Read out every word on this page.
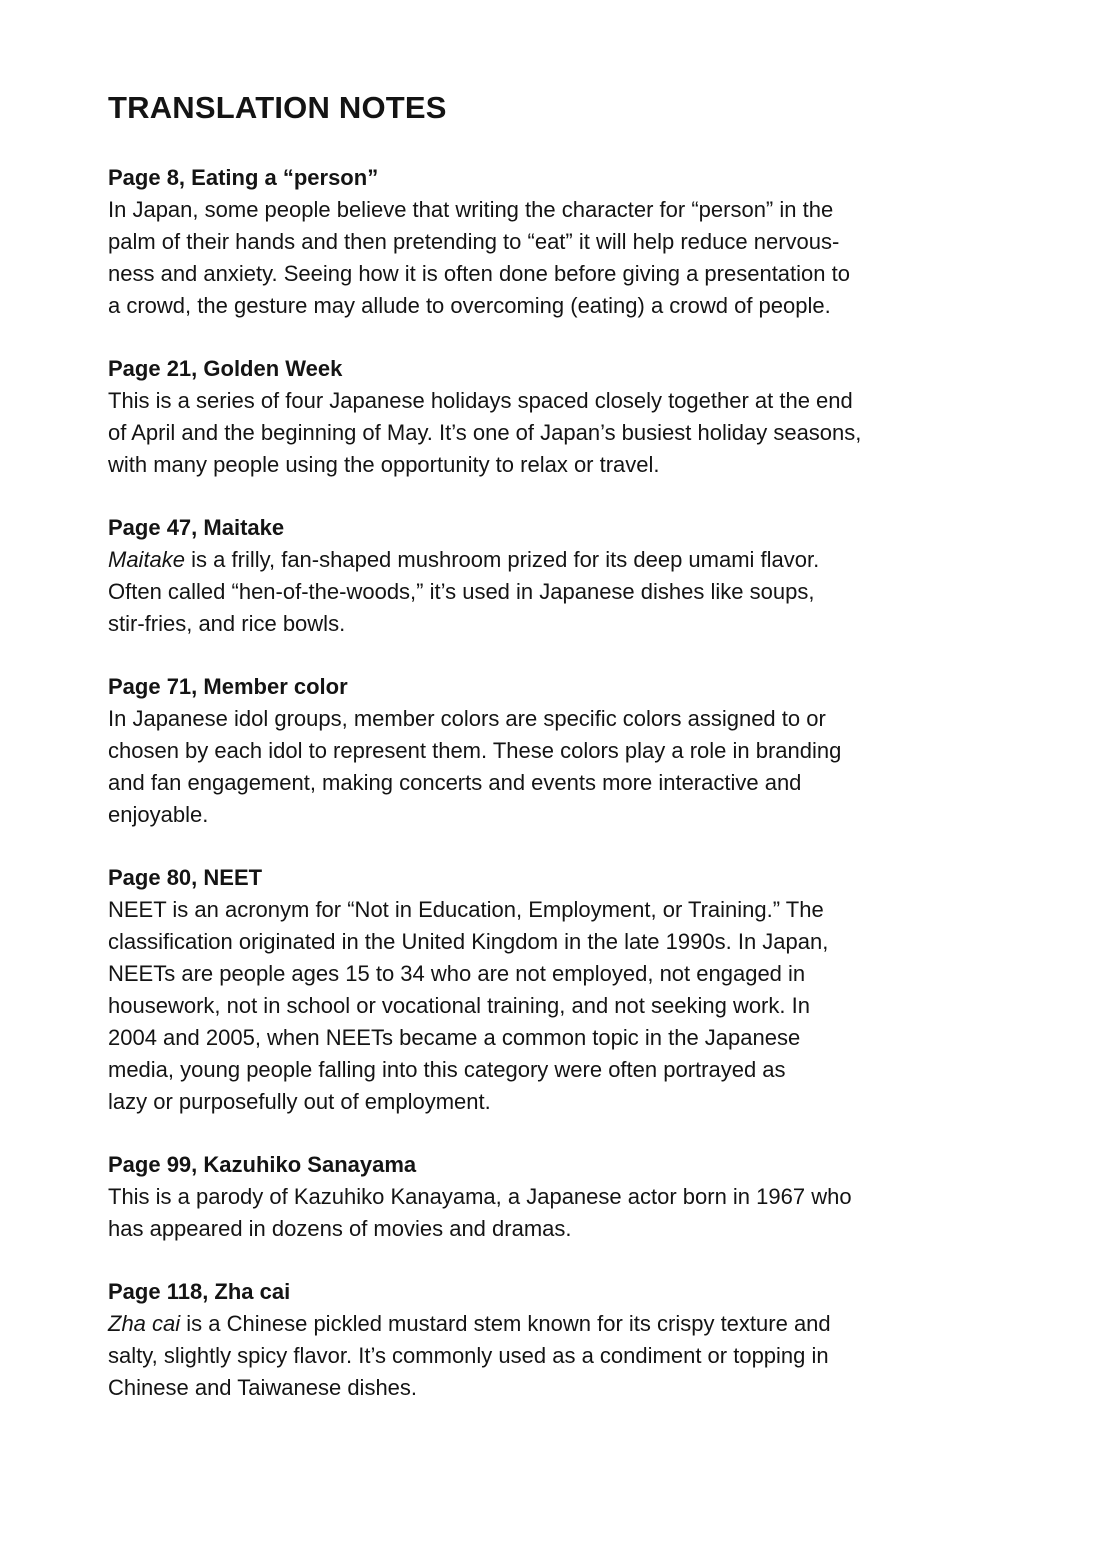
TRANSLATION NOTES
Page 8, Eating a “person”
In Japan, some people believe that writing the character for “person” in the
palm of their hands and then pretending to “eat” it will help reduce nervous-
ness and anxiety. Seeing how it is often done before giving a presentation to
a crowd, the gesture may allude to overcoming (eating) a crowd of people.
Page 21, Golden Week
This is a series of four Japanese holidays spaced closely together at the end
of April and the beginning of May. It’s one of Japan’s busiest holiday seasons,
with many people using the opportunity to relax or travel.
Page 47, Maitake
Maitake is a frilly, fan-shaped mushroom prized for its deep umami flavor.
Often called “hen-of-the-woods,” it’s used in Japanese dishes like soups,
stir-fries, and rice bowls.
Page 71, Member color
In Japanese idol groups, member colors are specific colors assigned to or
chosen by each idol to represent them. These colors play a role in branding
and fan engagement, making concerts and events more interactive and
enjoyable.
Page 80, NEET
NEET is an acronym for “Not in Education, Employment, or Training.” The
classification originated in the United Kingdom in the late 1990s. In Japan,
NEETs are people ages 15 to 34 who are not employed, not engaged in
housework, not in school or vocational training, and not seeking work. In
2004 and 2005, when NEETs became a common topic in the Japanese
media, young people falling into this category were often portrayed as
lazy or purposefully out of employment.
Page 99, Kazuhiko Sanayama
This is a parody of Kazuhiko Kanayama, a Japanese actor born in 1967 who
has appeared in dozens of movies and dramas.
Page 118, Zha cai
Zha cai is a Chinese pickled mustard stem known for its crispy texture and
salty, slightly spicy flavor. It’s commonly used as a condiment or topping in
Chinese and Taiwanese dishes.
